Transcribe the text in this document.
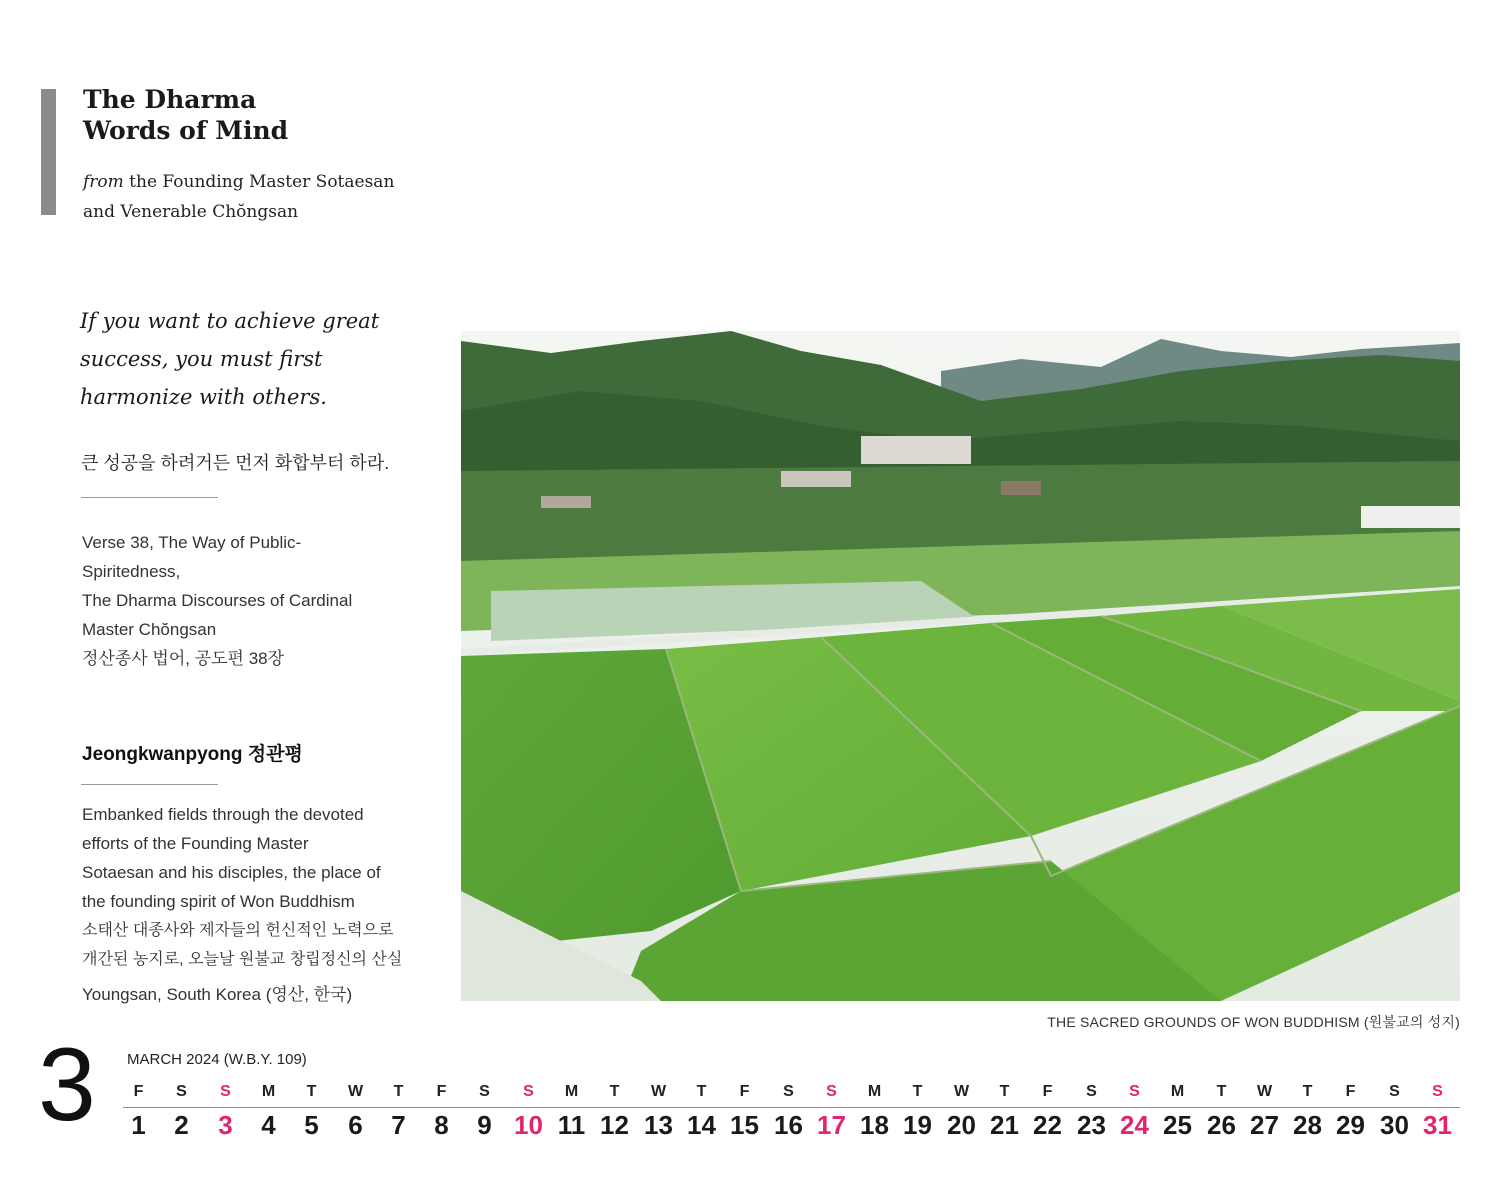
The Dharma
Words of Mind
from the Founding Master Sotaesan
and Venerable Chŏngsan
If you want to achieve great success, you must first harmonize with others.
큰 성공을 하려거든 먼저 화합부터 하라.
Verse 38, The Way of Public-
Spiritedness,
The Dharma Discourses of Cardinal
Master Chŏngsan
정산종사 법어, 공도편 38장
Jeongkwanpyong 정관평
Embanked fields through the devoted
efforts of the Founding Master
Sotaesan and his disciples, the place of
the founding spirit of Won Buddhism
소태산 대종사와 제자들의 헌신적인 노력으로
개간된 농지로, 오늘날 원불교 창립정신의 산실
Youngsan, South Korea (영산, 한국)
THE SACRED GROUNDS OF WON BUDDHISM (원불교의 성지)
3 MARCH 2024 (W.B.Y. 109)
F
1
S
2
S
3
M
4
T
5
W
6
T
7
F
8
S
9
S
10
M
11
T
12
W
13
T
14
F
15
S
16
S
17
M
18
T
19
W
20
T
21
F
22
S
23
S
24
M
25
T
26
W
27
T
28
F
29
S
30
S
31
